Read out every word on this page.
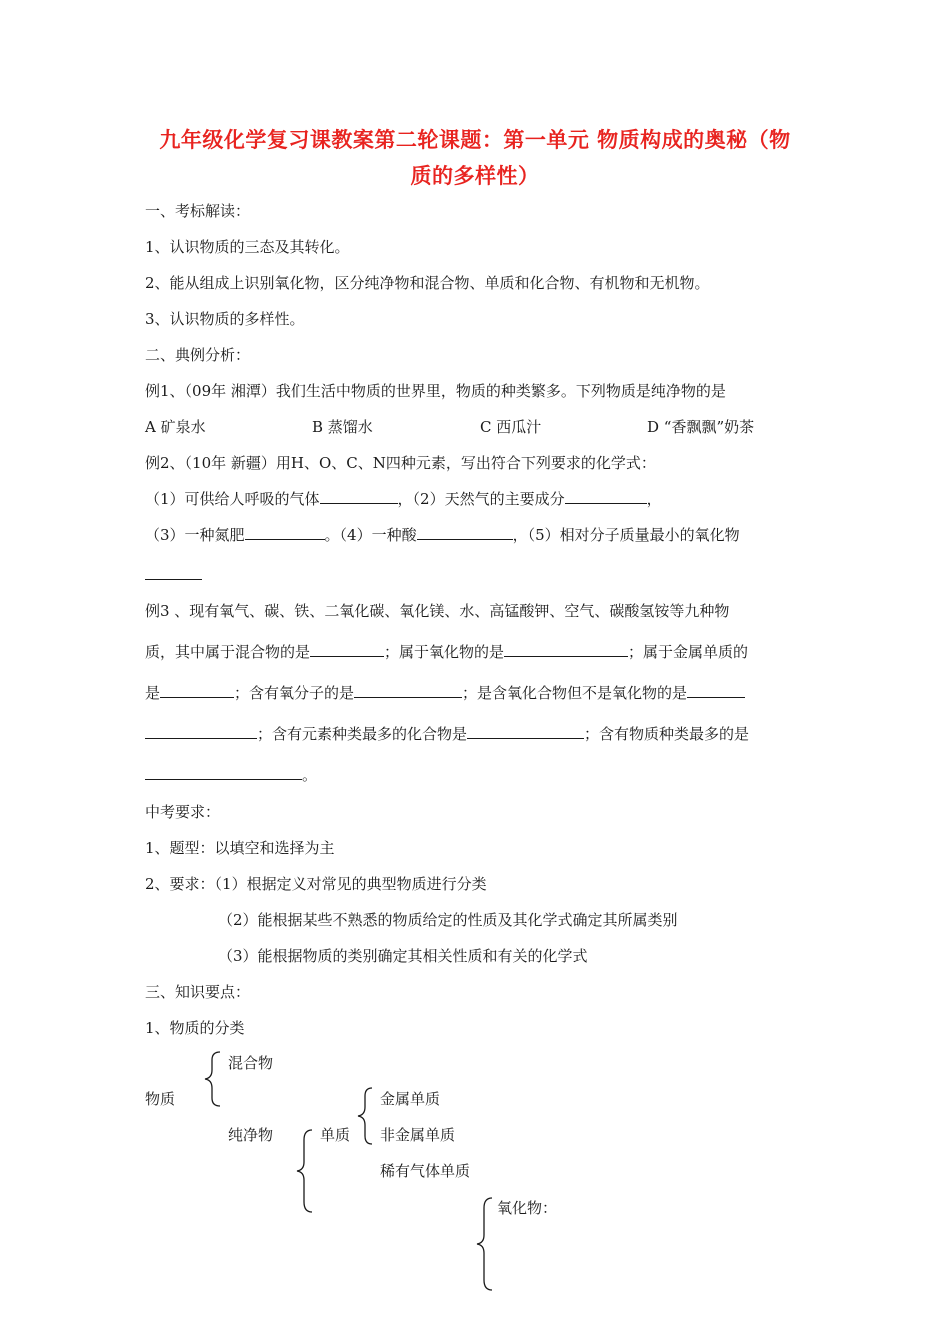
九年级化学复习课教案第二轮课题：第一单元 物质构成的奥秘（物
质的多样性）
一、考标解读：
1、认识物质的三态及其转化。
2、能从组成上识别氧化物，区分纯净物和混合物、单质和化合物、有机物和无机物。
3、认识物质的多样性。
二、典例分析：
例1、（09年 湘潭）我们生活中物质的世界里，物质的种类繁多。下列物质是纯净物的是
A 矿泉水	B 蒸馏水	C 西瓜汁	D “香飘飘”奶茶
例2、（10年 新疆）用H、O、C、N四种元素，写出符合下列要求的化学式：
（1）可供给人呼吸的气体	，（2）天然气的主要成分	，
（3）一种氮肥	。（4）一种酸	，（5）相对分子质量最小的氧化物
例3 、现有氧气、碳、铁、二氧化碳、氧化镁、水、高锰酸钾、空气、碳酸氢铵等九种物
质，其中属于混合物的是	；属于氧化物的是	；属于金属单质的
是	；含有氧分子的是	；是含氧化合物但不是氧化物的是
；含有元素种类最多的化合物是	；含有物质种类最多的是
。
中考要求：
1、题型：以填空和选择为主
2、要求：（1）根据定义对常见的典型物质进行分类
（2）能根据某些不熟悉的物质给定的性质及其化学式确定其所属类别
（3）能根据物质的类别确定其相关性质和有关的化学式
三、知识要点：
1、物质的分类
混合物
物质	金属单质
纯净物	单质 非金属单质
稀有气体单质
氧化物：
